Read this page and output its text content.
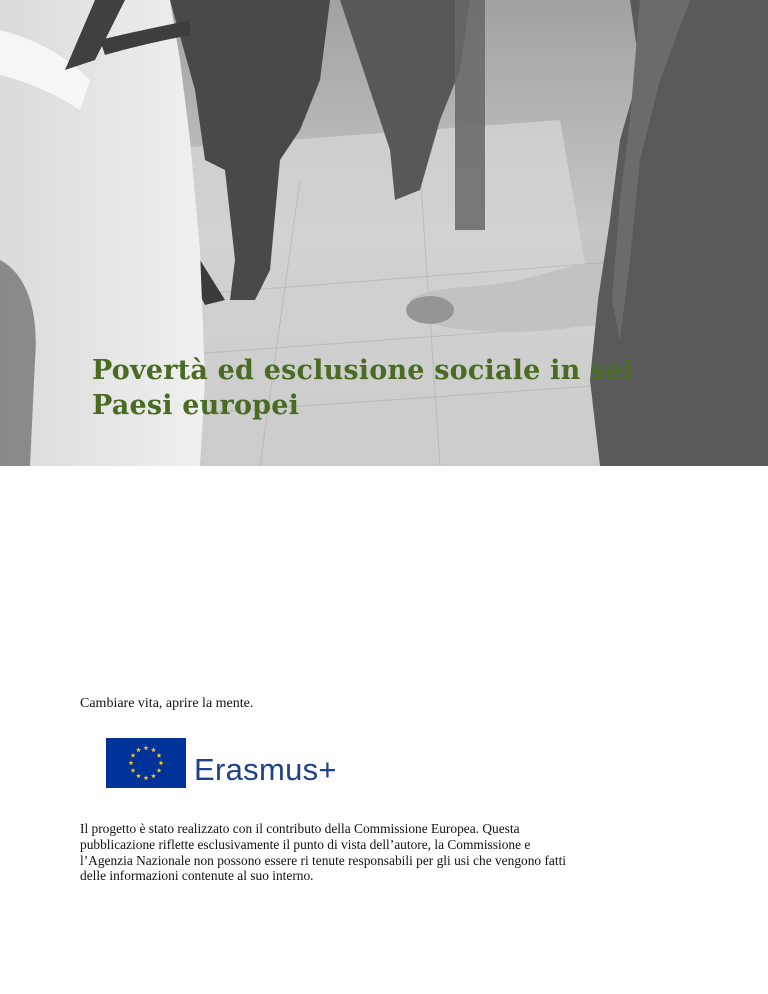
Povertà ed esclusione sociale in sei
Paesi europei
Cambiare vita, aprire la mente.
Erasmus+

Il progetto è stato realizzato con il contributo della Commissione Europea. Questa
pubblicazione riflette esclusivamente il punto di vista dell’autore, la Commissione e
l’Agenzia Nazionale non possono essere ri tenute responsabili per gli usi che vengono fatti
delle informazioni contenute al suo interno.
